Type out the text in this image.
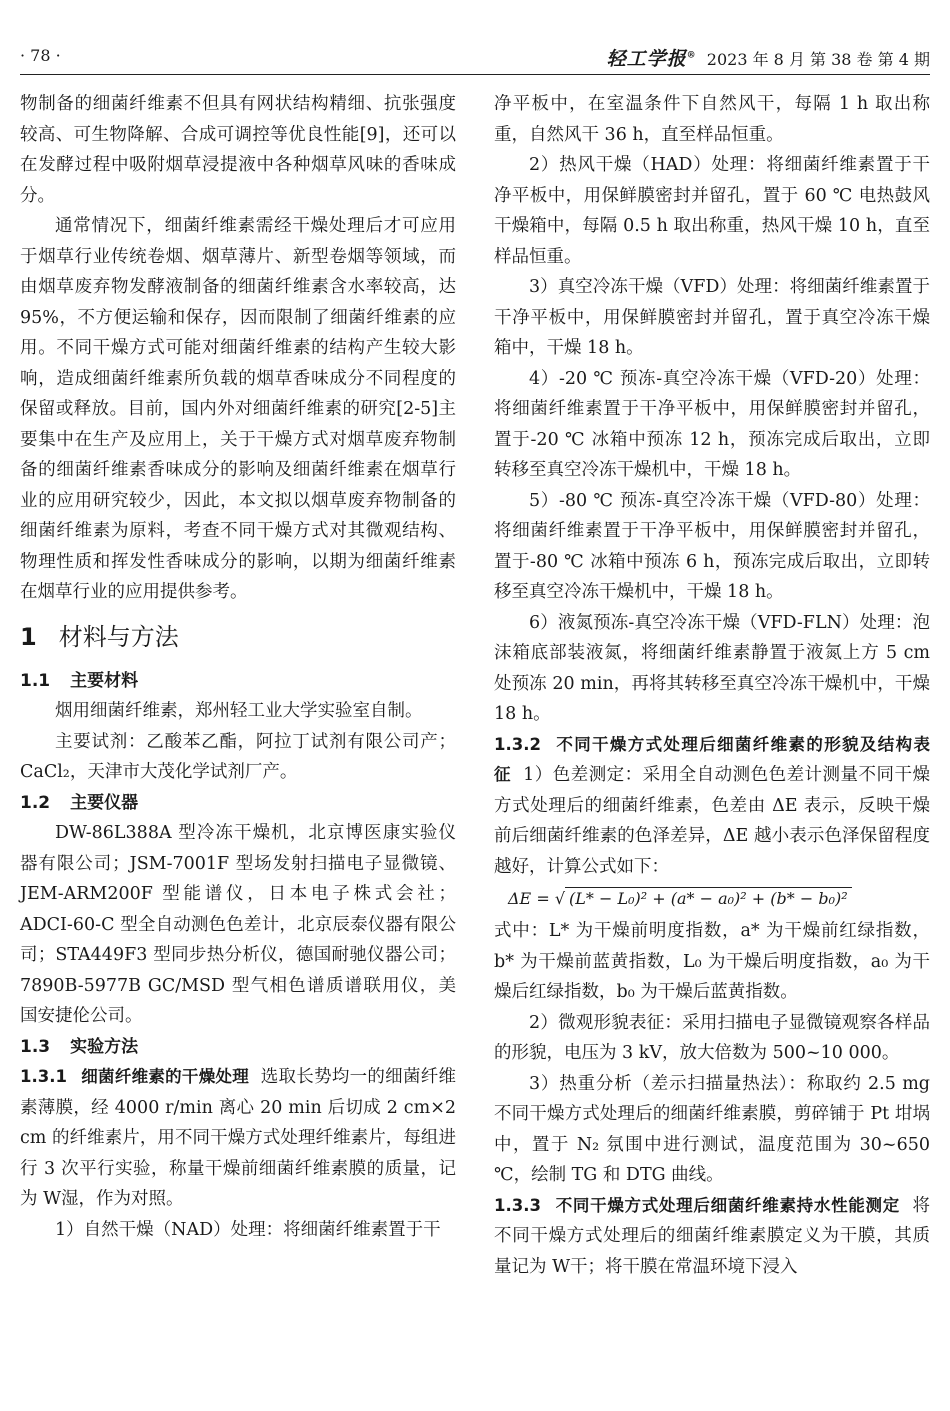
· 78 ·	轻工学报® 2023 年 8 月 第 38 卷 第 4 期

物制备的细菌纤维素不但具有网状结构精细、抗张强度较高、可生物降解、合成可调控等优良性能[9]，还可以在发酵过程中吸附烟草浸提液中各种烟草风味的香味成分。

通常情况下，细菌纤维素需经干燥处理后才可应用于烟草行业传统卷烟、烟草薄片、新型卷烟等领域，而由烟草废弃物发酵液制备的细菌纤维素含水率较高，达 95%，不方便运输和保存，因而限制了细菌纤维素的应用。不同干燥方式可能对细菌纤维素的结构产生较大影响，造成细菌纤维素所负载的烟草香味成分不同程度的保留或释放。目前，国内外对细菌纤维素的研究[2-5]主要集中在生产及应用上，关于干燥方式对烟草废弃物制备的细菌纤维素香味成分的影响及细菌纤维素在烟草行业的应用研究较少，因此，本文拟以烟草废弃物制备的细菌纤维素为原料，考查不同干燥方式对其微观结构、物理性质和挥发性香味成分的影响，以期为细菌纤维素在烟草行业的应用提供参考。

1 材料与方法
1.1 主要材料

烟用细菌纤维素，郑州轻工业大学实验室自制。

主要试剂：乙酸苯乙酯，阿拉丁试剂有限公司产；CaCl₂，天津市大茂化学试剂厂产。

1.2 主要仪器

DW-86L388A 型冷冻干燥机，北京博医康实验仪器有限公司；JSM-7001F 型场发射扫描电子显微镜、JEM-ARM200F 型能谱仪，日本电子株式会社；ADCI-60-C 型全自动测色色差计，北京辰泰仪器有限公司；STA449F3 型同步热分析仪，德国耐驰仪器公司；7890B-5977B GC/MSD 型气相色谱质谱联用仪，美国安捷伦公司。

1.3 实验方法

1.3.1 细菌纤维素的干燥处理 选取长势均一的细菌纤维素薄膜，经 4000 r/min 离心 20 min 后切成 2 cm×2 cm 的纤维素片，用不同干燥方式处理纤维素片，每组进行 3 次平行实验，称量干燥前细菌纤维素膜的质量，记为 W湿，作为对照。

1）自然干燥（NAD）处理：将细菌纤维素置于干

净平板中，在室温条件下自然风干，每隔 1 h 取出称重，自然风干 36 h，直至样品恒重。

2）热风干燥（HAD）处理：将细菌纤维素置于干净平板中，用保鲜膜密封并留孔，置于 60 ℃ 电热鼓风干燥箱中，每隔 0.5 h 取出称重，热风干燥 10 h，直至样品恒重。

3）真空冷冻干燥（VFD）处理：将细菌纤维素置于干净平板中，用保鲜膜密封并留孔，置于真空冷冻干燥箱中，干燥 18 h。

4）-20 ℃ 预冻-真空冷冻干燥（VFD-20）处理：将细菌纤维素置于干净平板中，用保鲜膜密封并留孔，置于-20 ℃ 冰箱中预冻 12 h，预冻完成后取出，立即转移至真空冷冻干燥机中，干燥 18 h。

5）-80 ℃ 预冻-真空冷冻干燥（VFD-80）处理：将细菌纤维素置于干净平板中，用保鲜膜密封并留孔，置于-80 ℃ 冰箱中预冻 6 h，预冻完成后取出，立即转移至真空冷冻干燥机中，干燥 18 h。

6）液氮预冻-真空冷冻干燥（VFD-FLN）处理：泡沫箱底部装液氮，将细菌纤维素静置于液氮上方 5 cm 处预冻 20 min，再将其转移至真空冷冻干燥机中，干燥 18 h。

1.3.2 不同干燥方式处理后细菌纤维素的形貌及结构表征 1）色差测定：采用全自动测色色差计测量不同干燥方式处理后的细菌纤维素，色差由 ΔE 表示，反映干燥前后细菌纤维素的色泽差异，ΔE 越小表示色泽保留程度越好，计算公式如下：

ΔE = √ (L* − L₀)² + (a* − a₀)² + (b* − b₀)²

式中：L* 为干燥前明度指数，a* 为干燥前红绿指数，b* 为干燥前蓝黄指数，L₀ 为干燥后明度指数，a₀ 为干燥后红绿指数，b₀ 为干燥后蓝黄指数。

2）微观形貌表征：采用扫描电子显微镜观察各样品的形貌，电压为 3 kV，放大倍数为 500~10 000。

3）热重分析（差示扫描量热法）：称取约 2.5 mg 不同干燥方式处理后的细菌纤维素膜，剪碎铺于 Pt 坩埚中，置于 N₂ 氛围中进行测试，温度范围为 30~650 ℃，绘制 TG 和 DTG 曲线。

1.3.3 不同干燥方式处理后细菌纤维素持水性能测定 将不同干燥方式处理后的细菌纤维素膜定义为干膜，其质量记为 W干；将干膜在常温环境下浸入
